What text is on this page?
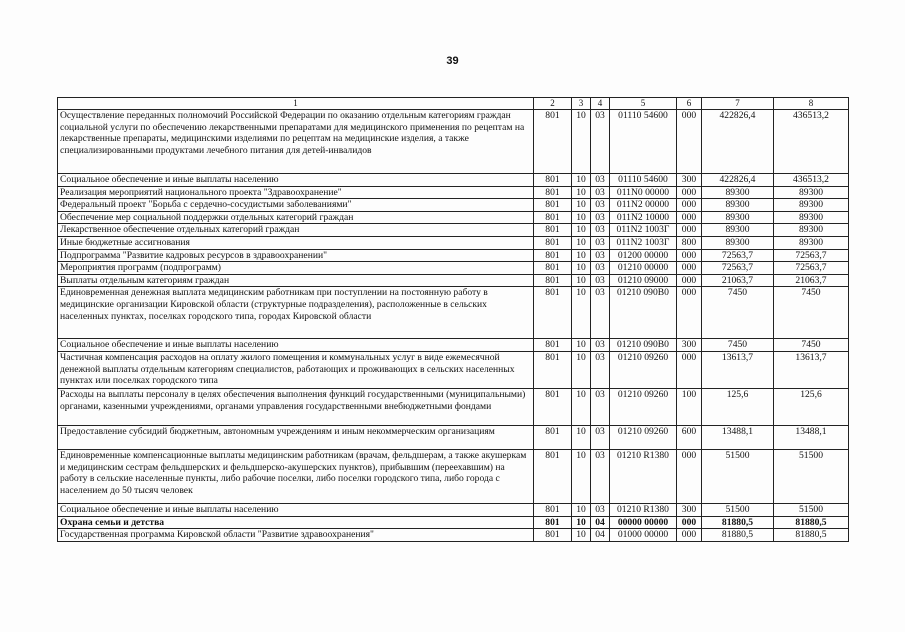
39
1	2	3	4	5	6	7	8
Осуществление переданных полномочий Российской Федерации по оказанию отдельным категориям граждан социальной услуги по обеспечению лекарственными препаратами для медицинского применения по рецептам на лекарственные препараты, медицинскими изделиями по рецептам на медицинские изделия, а также специализированными продуктами лечебного питания для детей-инвалидов	801	10	03	01110 54600	000	422826,4	436513,2
Социальное обеспечение и иные выплаты населению	801	10	03	01110 54600	300	422826,4	436513,2
Реализация мероприятий национального проекта "Здравоохранение"	801	10	03	011N0 00000	000	89300	89300
Федеральный проект "Борьба с сердечно-сосудистыми заболеваниями"	801	10	03	011N2 00000	000	89300	89300
Обеспечение мер социальной поддержки отдельных категорий граждан	801	10	03	011N2 10000	000	89300	89300
Лекарственное обеспечение отдельных категорий граждан	801	10	03	011N2 1003Г	000	89300	89300
Иные бюджетные ассигнования	801	10	03	011N2 1003Г	800	89300	89300
Подпрограмма "Развитие кадровых ресурсов в здравоохранении"	801	10	03	01200 00000	000	72563,7	72563,7
Мероприятия программ (подпрограмм)	801	10	03	01210 00000	000	72563,7	72563,7
Выплаты отдельным категориям граждан	801	10	03	01210 09000	000	21063,7	21063,7
Единовременная денежная выплата медицинским работникам при поступлении на постоянную работу в медицинские организации Кировской области (структурные подразделения), расположенные в сельских населенных пунктах, поселках городского типа, городах Кировской области	801	10	03	01210 090В0	000	7450	7450
Социальное обеспечение и иные выплаты населению	801	10	03	01210 090В0	300	7450	7450
Частичная компенсация расходов на оплату жилого помещения и коммунальных услуг в виде ежемесячной денежной выплаты отдельным категориям специалистов, работающих и проживающих в сельских населенных пунктах или поселках городского типа	801	10	03	01210 09260	000	13613,7	13613,7
Расходы на выплаты персоналу в целях обеспечения выполнения функций государственными (муниципальными) органами, казенными учреждениями, органами управления государственными внебюджетными фондами	801	10	03	01210 09260	100	125,6	125,6
Предоставление субсидий бюджетным, автономным учреждениям и иным некоммерческим организациям	801	10	03	01210 09260	600	13488,1	13488,1
Единовременные компенсационные выплаты медицинским работникам (врачам, фельдшерам, а также акушеркам и медицинским сестрам фельдшерских и фельдшерско-акушерских пунктов), прибывшим (переехавшим) на работу в сельские населенные пункты, либо рабочие поселки, либо поселки городского типа, либо города с населением до 50 тысяч человек	801	10	03	01210 R1380	000	51500	51500
Социальное обеспечение и иные выплаты населению	801	10	03	01210 R1380	300	51500	51500
Охрана семьи и детства	801	10	04	00000 00000	000	81880,5	81880,5
Государственная программа Кировской области "Развитие здравоохранения"	801	10	04	01000 00000	000	81880,5	81880,5
